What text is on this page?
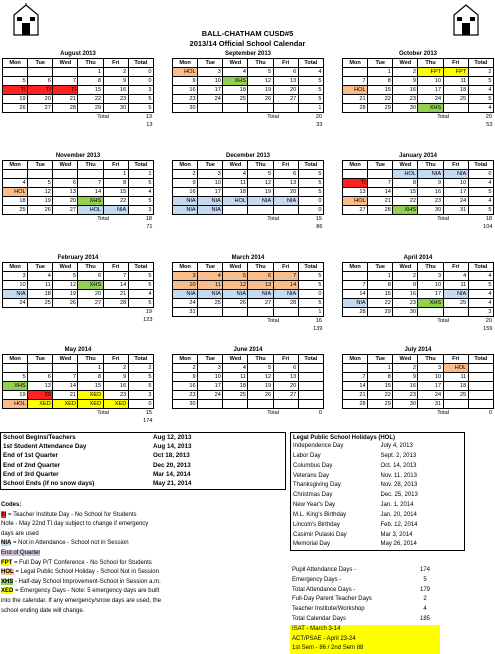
BALL-CHATHAM CUSD#5
2013/14 Official School Calendar
August 2013
Mon	Tue	Wed	Thu	Fri	Total
			1	2	0
5	6	7	8	9	0
TI	TI	TI	15	16	3
19	20	21	22	23	5
26	27	28	29	30	5
			Total		13
13
September 2013
Mon	Tue	Wed	Thu	Fri	Total
HOL	3	4	5	6	4
9	10	XHS	12	13	5
16	17	18	19	20	5
23	24	25	26	27	5
30					1
			Total		20
33
October 2013
Mon	Tue	Wed	Thu	Fri	Total
	1	2	FPT	FPT	2
7	8	9	10	11	5
HOL	15	16	17	18	4
21	22	23	24	25	5
28	29	30	XHS		4
			Total		20
53
November 2013
Mon	Tue	Wed	Thu	Fri	Total
				1	1
4	5	6	7	8	5
HOL	12	13	14	15	4
18	19	20	XHS	22	5
25	26	27	HOL	NIA	3
			Total		18
71
December 2013
Mon	Tue	Wed	Thu	Fri	Total
2	3	4	5	6	5
9	10	11	12	13	5
16	17	18	19	20	5
NIA	NIA	HOL	NIA	NIA	0
NIA	NIA				0
			Total		15
86
January 2014
Mon	Tue	Wed	Thu	Fri	Total
		HOL	NIA	NIA	0
TI	7	8	9	10	4
13	14	15	16	17	5
HOL	21	22	23	24	4
27	28	XHS	30	31	5
			Total		18
104
February 2014
Mon	Tue	Wed	Thu	Fri	Total
3	4	5	6	7	5
10	11	12	XHS	14	5
NIA	18	19	20	21	4
24	25	26	27	28	5
					19
123
March 2014
Mon	Tue	Wed	Thu	Fri	Total
3	4	5	6	7	5
10	11	12	13	14	5
NIA	NIA	NIA	NIA	NIA	0
24	25	26	27	28	5
31					1
			Total		16
139
April 2014
Mon	Tue	Wed	Thu	Fri	Total
	1	2	3	4	4
7	8	9	10	11	5
14	15	16	17	NIA	4
NIA	22	23	XHS	25	4
28	29	30			3
			Total		20
159
May 2014
Mon	Tue	Wed	Thu	Fri	Total
			1	2	2
5	6	7	8	9	5
XHS	13	14	15	16	5
19	20	21	XED	23	3
HOL	XED	XED	XED	XED	0
			Total		15
174
June 2014
Mon	Tue	Wed	Thu	Fri	Total
2	3	4	5	6	
9	10	11	12	13	
16	17	18	19	20	
23	24	25	26	27	
30					
			Total		0
July 2014
Mon	Tue	Wed	Thu	Fri	Total
	1	2	3	HOL	
7	8	9	10	11	
14	15	16	17	18	
21	22	23	24	25	
28	29	30	31		
			Total		0
School Begins/Teachers	Aug 12, 2013
1st Student Attendance Day	Aug 14, 2013
End of 1st Quarter	Oct 18, 2013
End of 2nd Quarter	Dec 20, 2013
End of 3rd Quarter	Mar 14, 2014
School Ends (if no snow days)	May 21, 2014
Legal Public School Holidays (HOL)
Independence Day	July 4, 2013
Labor Day	Sept. 2, 2013
Columbus Day	Oct. 14, 2013
Veterans Day	Nov. 11, 2013
Thanksgiving Day	Nov. 28, 2013
Christmas Day	Dec. 25, 2013
New Year's Day	Jan. 1, 2014
M.L. King's Birthday	Jan. 20, 2014
Lincoln's Birthday	Feb. 12, 2014
Casimir Pulaski Day	Mar 3, 2014
Memorial Day	May 26, 2014
Codes:
TI = Teacher Institute Day - No School for Students
Note - May 22nd TI day subject to change if emergency
days are used
NIA = Not in Attendance - School not in Session
End of Quarter
FPT = Full Day P/T Conference - No School for Students
HOL = Legal Public School Holiday - School Not in Session
XHS - Half-day School Improvement-School in Session a.m.
XED = Emergency Days - Note: 5 emergency days are built
into the calendar. If any emergency/snow days are used, the
school ending date will change.
Pupil Attendance Days -	174
Emergency Days -	5
Total Attendance Days -	179
Full-Day Parent Teacher Days	2
Teacher Institute/Workshop	4
Total Calendar Days	185
ISAT - March 3-14
ACT/PSAE - April 23-24
1st Sem - 86 / 2nd Sem 88
